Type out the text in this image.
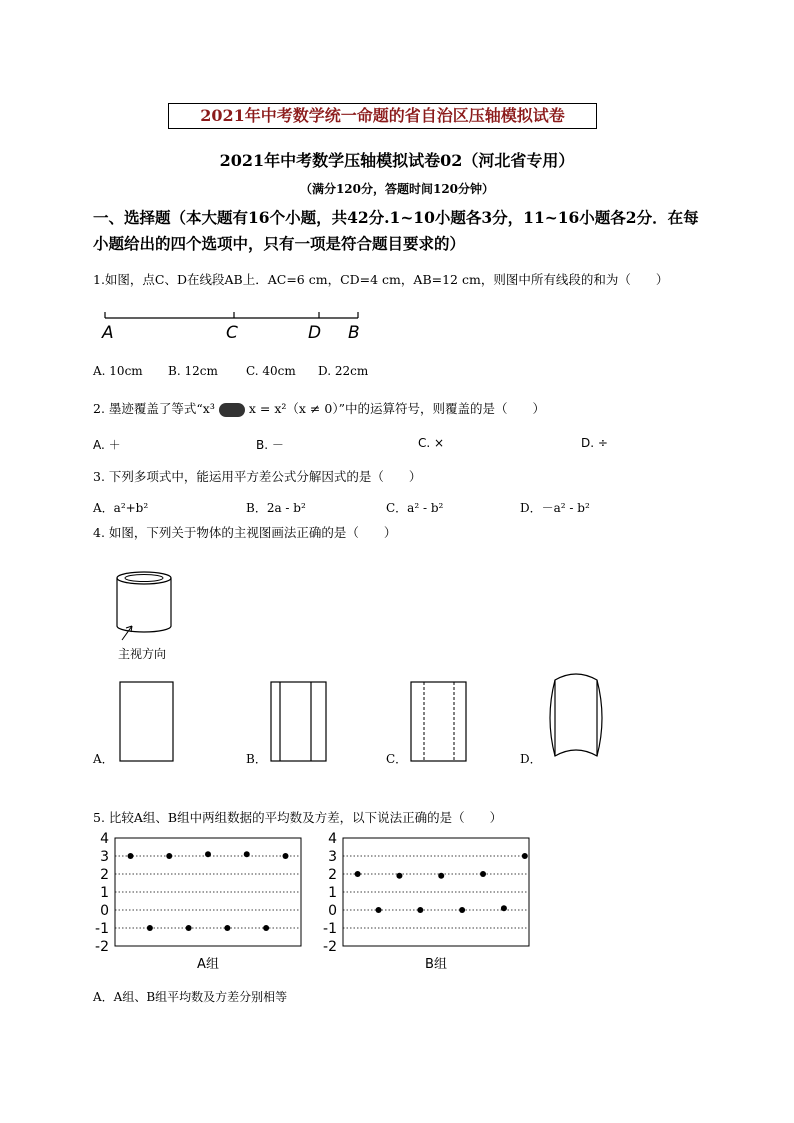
2021年中考数学统一命题的省自治区压轴模拟试卷
2021年中考数学压轴模拟试卷02（河北省专用）
（满分120分，答题时间120分钟）
一、选择题（本大题有16个小题，共42分.1~10小题各3分，11~16小题各2分．在每小题给出的四个选项中，只有一项是符合题目要求的）
1.如图，点C、D在线段AB上．AC=6 cm，CD=4 cm，AB=12 cm，则图中所有线段的和为（　　）
A	C	D B
A. 10cm B. 12cm C. 40cm D. 22cm
2. 墨迹覆盖了等式“x³	x = x²（x ≠ 0）”中的运算符号，则覆盖的是（　　）
A. ＋	B. －	C. ×	D. ÷
3. 下列多项式中，能运用平方差公式分解因式的是（　　）
A．a²+b²	B．2a - b²	C．a² - b²	D．－a² - b²
4. 如图，下列关于物体的主视图画法正确的是（　　）
主视方向
A．	B．	C．	D．
5. 比较A组、B组中两组数据的平均数及方差，以下说法正确的是（　　）
4
3
2
1
0
-1
-2
A组
4
3
2
1
0
-1
-2
B组
A．A组、B组平均数及方差分别相等
